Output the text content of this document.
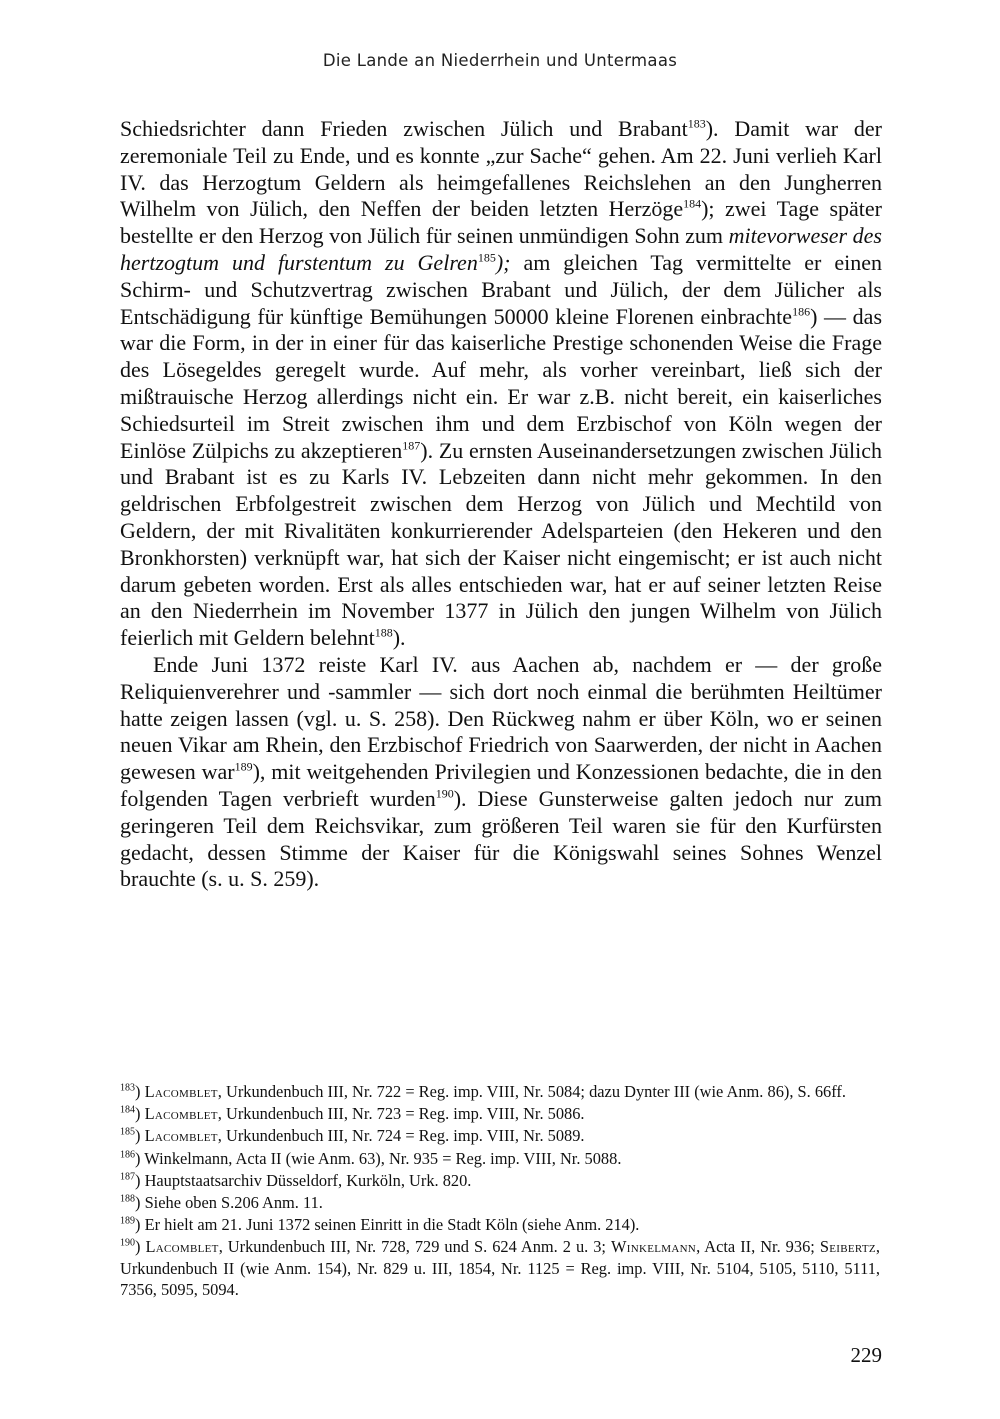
Die Lande an Niederrhein und Untermaas

Schiedsrichter dann Frieden zwischen Jülich und Brabant$^{183}$). Damit war der zeremoniale Teil zu Ende, und es konnte „zur Sache“ gehen. Am 22. Juni verlieh Karl IV. das Herzogtum Geldern als heimgefallenes Reichslehen an den Jungherren Wilhelm von Jülich, den Neffen der beiden letzten Herzöge$^{184}$); zwei Tage später bestellte er den Herzog von Jülich für seinen unmündigen Sohn zum mitevorweser des hertzogtum und furstentum zu Gelren$^{185}$); am gleichen Tag vermittelte er einen Schirm- und Schutzvertrag zwischen Brabant und Jülich, der dem Jülicher als Entschädigung für künftige Bemühungen 50000 kleine Florenen einbrachte$^{186}$) — das war die Form, in der in einer für das kaiserliche Prestige schonenden Weise die Frage des Lösegeldes geregelt wurde. Auf mehr, als vorher vereinbart, ließ sich der mißtrauische Herzog allerdings nicht ein. Er war z.B. nicht bereit, ein kaiserliches Schiedsurteil im Streit zwischen ihm und dem Erzbischof von Köln wegen der Einlöse Zülpichs zu akzeptieren$^{187}$). Zu ernsten Auseinandersetzungen zwischen Jülich und Brabant ist es zu Karls IV. Lebzeiten dann nicht mehr gekommen. In den geldrischen Erbfolgestreit zwischen dem Herzog von Jülich und Mechtild von Geldern, der mit Rivalitäten konkurrierender Adelsparteien (den Hekeren und den Bronkhorsten) verknüpft war, hat sich der Kaiser nicht eingemischt; er ist auch nicht darum gebeten worden. Erst als alles entschieden war, hat er auf seiner letzten Reise an den Niederrhein im November 1377 in Jülich den jungen Wilhelm von Jülich feierlich mit Geldern belehnt$^{188}$).

Ende Juni 1372 reiste Karl IV. aus Aachen ab, nachdem er — der große Reliquienverehrer und -sammler — sich dort noch einmal die berühmten Heiltümer hatte zeigen lassen (vgl. u. S. 258). Den Rückweg nahm er über Köln, wo er seinen neuen Vikar am Rhein, den Erzbischof Friedrich von Saarwerden, der nicht in Aachen gewesen war$^{189}$), mit weitgehenden Privilegien und Konzessionen bedachte, die in den folgenden Tagen verbrieft wurden$^{190}$). Diese Gunsterweise galten jedoch nur zum geringeren Teil dem Reichsvikar, zum größeren Teil waren sie für den Kurfürsten gedacht, dessen Stimme der Kaiser für die Königswahl seines Sohnes Wenzel brauchte (s. u. S. 259).

$^{183}$) Lacomblet, Urkundenbuch III, Nr. 722 = Reg. imp. VIII, Nr. 5084; dazu Dynter III (wie Anm. 86), S. 66ff.
$^{184}$) Lacomblet, Urkundenbuch III, Nr. 723 = Reg. imp. VIII, Nr. 5086.
$^{185}$) Lacomblet, Urkundenbuch III, Nr. 724 = Reg. imp. VIII, Nr. 5089.
$^{186}$) Winkelmann, Acta II (wie Anm. 63), Nr. 935 = Reg. imp. VIII, Nr. 5088.
$^{187}$) Hauptstaatsarchiv Düsseldorf, Kurköln, Urk. 820.
$^{188}$) Siehe oben S.206 Anm. 11.
$^{189}$) Er hielt am 21. Juni 1372 seinen Einritt in die Stadt Köln (siehe Anm. 214).
$^{190}$) Lacomblet, Urkundenbuch III, Nr. 728, 729 und S. 624 Anm. 2 u. 3; Winkelmann, Acta II, Nr. 936; Seibertz, Urkundenbuch II (wie Anm. 154), Nr. 829 u. III, 1854, Nr. 1125 = Reg. imp. VIII, Nr. 5104, 5105, 5110, 5111, 7356, 5095, 5094.
229
